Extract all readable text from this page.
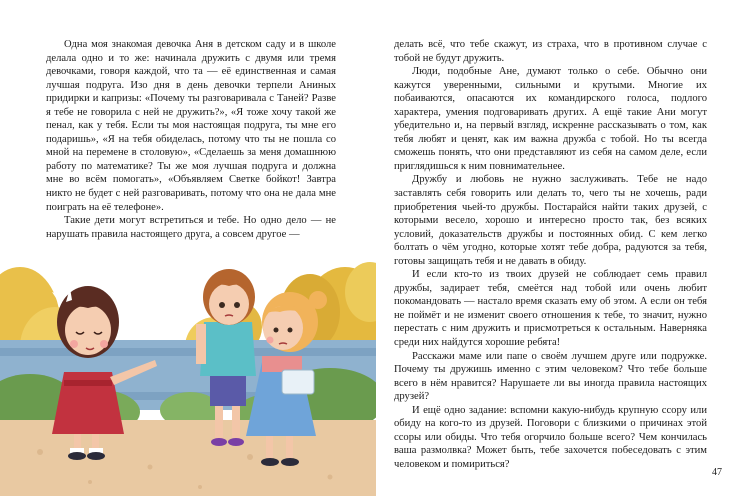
Одна моя знакомая девочка Аня в детском саду и в школе делала одно и то же: начинала дружить с двумя или тремя девочками, говоря каждой, что та — её единственная и самая лучшая подруга. Изо дня в день девочки терпели Аниных придирки и капризы: «Почему ты разговаривала с Таней? Разве я тебе не говорила с ней не дружить?», «Я тоже хочу такой же пенал, как у тебя. Если ты моя настоящая подруга, ты мне его подаришь», «Я на тебя обиделась, потому что ты не пошла со мной на перемене в столовую», «Сделаешь за меня домашнюю работу по математике? Ты же моя лучшая подруга и должна мне во всём помогать», «Объявляем Светке бойкот! Завтра никто не будет с ней разговаривать, потому что она не дала мне поиграть на её телефоне».

Такие дети могут встретиться и тебе. Но одно дело — не нарушать правила настоящего друга, а совсем другое —

делать всё, что тебе скажут, из страха, что в противном случае с тобой не будут дружить.

Люди, подобные Ане, думают только о себе. Обычно они кажутся уверенными, сильными и крутыми. Многие их побаиваются, опасаются их командирского голоса, подлого характера, умения подговаривать других. А ещё такие Ани могут убедительно и, на первый взгляд, искренне рассказывать о том, как тебя любят и ценят, как им важна дружба с тобой. Но ты всегда сможешь понять, что они представляют из себя на самом деле, если приглядишься к ним повнимательнее.

Дружбу и любовь не нужно заслуживать. Тебе не надо заставлять себя говорить или делать то, чего ты не хочешь, ради приобретения чьей-то дружбы. Постарайся найти таких друзей, с которыми весело, хорошо и интересно просто так, без всяких условий, доказательств дружбы и постоянных обид. С кем легко болтать о чём угодно, которые хотят тебе добра, радуются за тебя, готовы защищать тебя и не давать в обиду.

И если кто-то из твоих друзей не соблюдает семь правил дружбы, задирает тебя, смеётся над тобой или очень любит покомандовать — настало время сказать ему об этом. А если он тебя не поймёт и не изменит своего отношения к тебе, то значит, нужно перестать с ним дружить и присмотреться к остальным. Наверняка среди них найдутся хорошие ребята!

Расскажи маме или папе о своём лучшем друге или подружке. Почему ты дружишь именно с этим человеком? Что тебе больше всего в нём нравится? Нарушаете ли вы иногда правила настоящих друзей?

И ещё одно задание: вспомни какую-нибудь крупную ссору или обиду на кого-то из друзей. Поговори с близкими о причинах этой ссоры или обиды. Что тебя огорчило больше всего? Чем кончилась ваша размолвка? Может быть, тебе захочется побеседовать с этим человеком и помириться?

47
